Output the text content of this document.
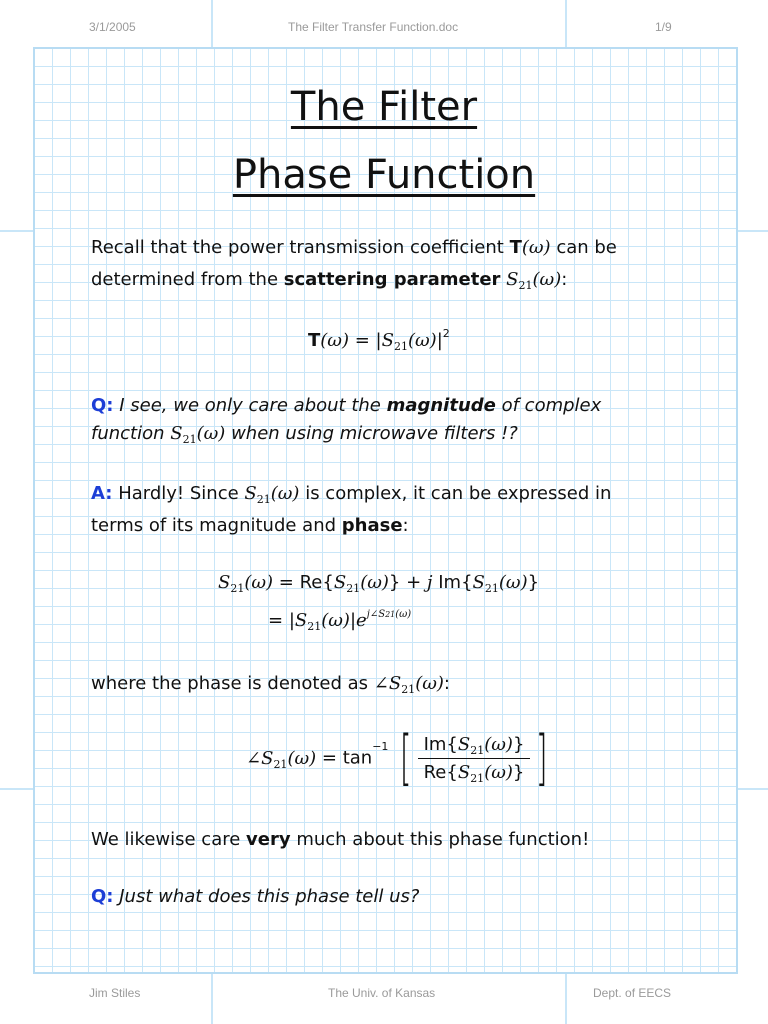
3/1/2005	The Filter Transfer Function.doc	1/9
The Filter
Phase Function
Recall that the power transmission coefficient T(ω) can be
determined from the scattering parameter $S_{21}(\omega)$:
$T(\omega) = |S_{21}(\omega)|^2$
Q: I see, we only care about the magnitude of complex
function $S_{21}(\omega)$ when using microwave filters !?
A: Hardly! Since $S_{21}(\omega)$ is complex, it can be expressed in
terms of its magnitude and phase:
$S_{21}(\omega) = Re\{S_{21}(\omega)\} + j$ $Im\{S_{21}(\omega)\}$
= $|S_{21}(\omega)|e^{j\angle S21(\omega)}$
where the phase is denoted as $\angle S_{21}(\omega)$:
$\angle S_{21}(\omega) = \tan^{-1}$ [ $\frac{Im\{S_{21}(\omega)\}}{Re\{S_{21}(\omega)\}}$ ]
We likewise care very much about this phase function!
Q: Just what does this phase tell us?
Jim Stiles	The Univ. of Kansas	Dept. of EECS
